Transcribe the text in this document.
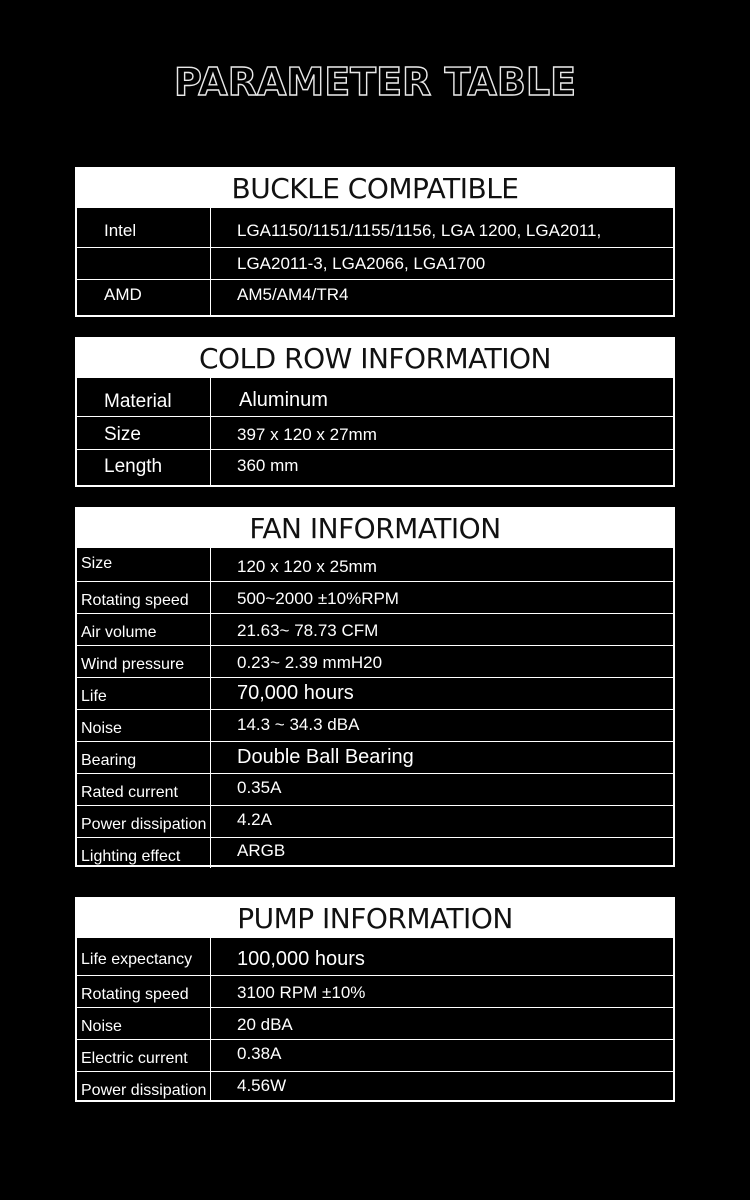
PARAMETER TABLE
BUCKLE COMPATIBLE
Intel	LGA1150/1151/1155/1156, LGA 1200, LGA2011,
LGA2011-3, LGA2066, LGA1700
AMD	AM5/AM4/TR4
COLD ROW INFORMATION
Material	Aluminum
Size	397 x 120 x 27mm
Length	360 mm
FAN INFORMATION
Size	120 x 120 x 25mm
Rotating speed	500~2000 ±10%RPM
Air volume	21.63~ 78.73 CFM
Wind pressure	0.23~ 2.39 mmH20
Life	70,000 hours
Noise	14.3 ~ 34.3 dBA
Bearing	Double Ball Bearing
Rated current	0.35A
Power dissipation	4.2A
Lighting effect	ARGB
PUMP INFORMATION
Life expectancy	100,000 hours
Rotating speed	3100 RPM ±10%
Noise	20 dBA
Electric current	0.38A
Power dissipation	4.56W
